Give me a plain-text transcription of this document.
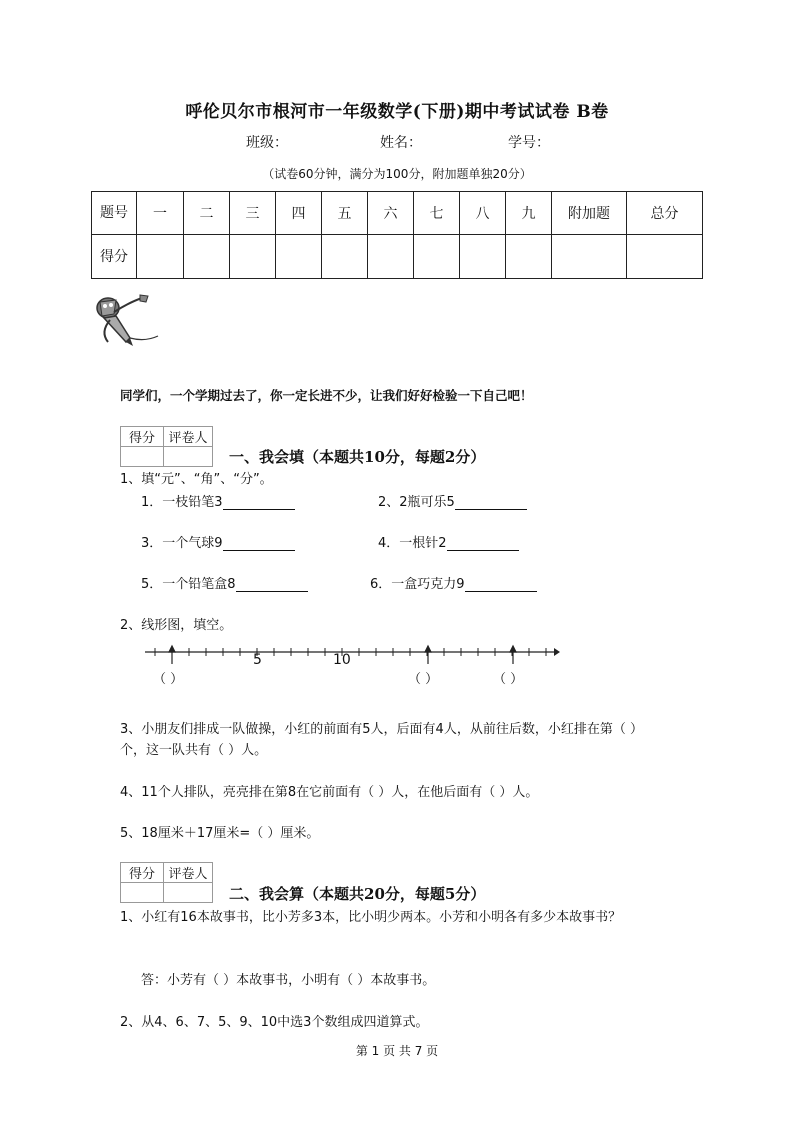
呼伦贝尔市根河市一年级数学(下册)期中考试试卷 B卷
班级：	姓名：	学号：
（试卷60分钟，满分为100分，附加题单独20分）
题号	一	二	三	四	五	六	七	八	九	附加题	总分
得分											
同学们，一个学期过去了，你一定长进不少，让我们好好检验一下自己吧！
得分	评卷人

一、我会填（本题共10分，每题2分）
1、填“元”、“角”、“分”。
1．一枝铅笔3	2、2瓶可乐5
3．一个气球9	4．一根针2
5．一个铅笔盒8	6．一盒巧克力9
2、线形图，填空。
5	10
（ ）	（ ）	（ ）
3、小朋友们排成一队做操，小红的前面有5人，后面有4人，从前往后数，小红排在第（ ）
个，这一队共有（ ）人。
4、11个人排队，亮亮排在第8在它前面有（ ）人，在他后面有（ ）人。
5、18厘米＋17厘米=（ ）厘米。
得分	评卷人

二、我会算（本题共20分，每题5分）
1、小红有16本故事书，比小芳多3本，比小明少两本。小芳和小明各有多少本故事书？
答：小芳有（ ）本故事书，小明有（ ）本故事书。
2、从4、6、7、5、9、10中选3个数组成四道算式。
第 1 页 共 7 页
